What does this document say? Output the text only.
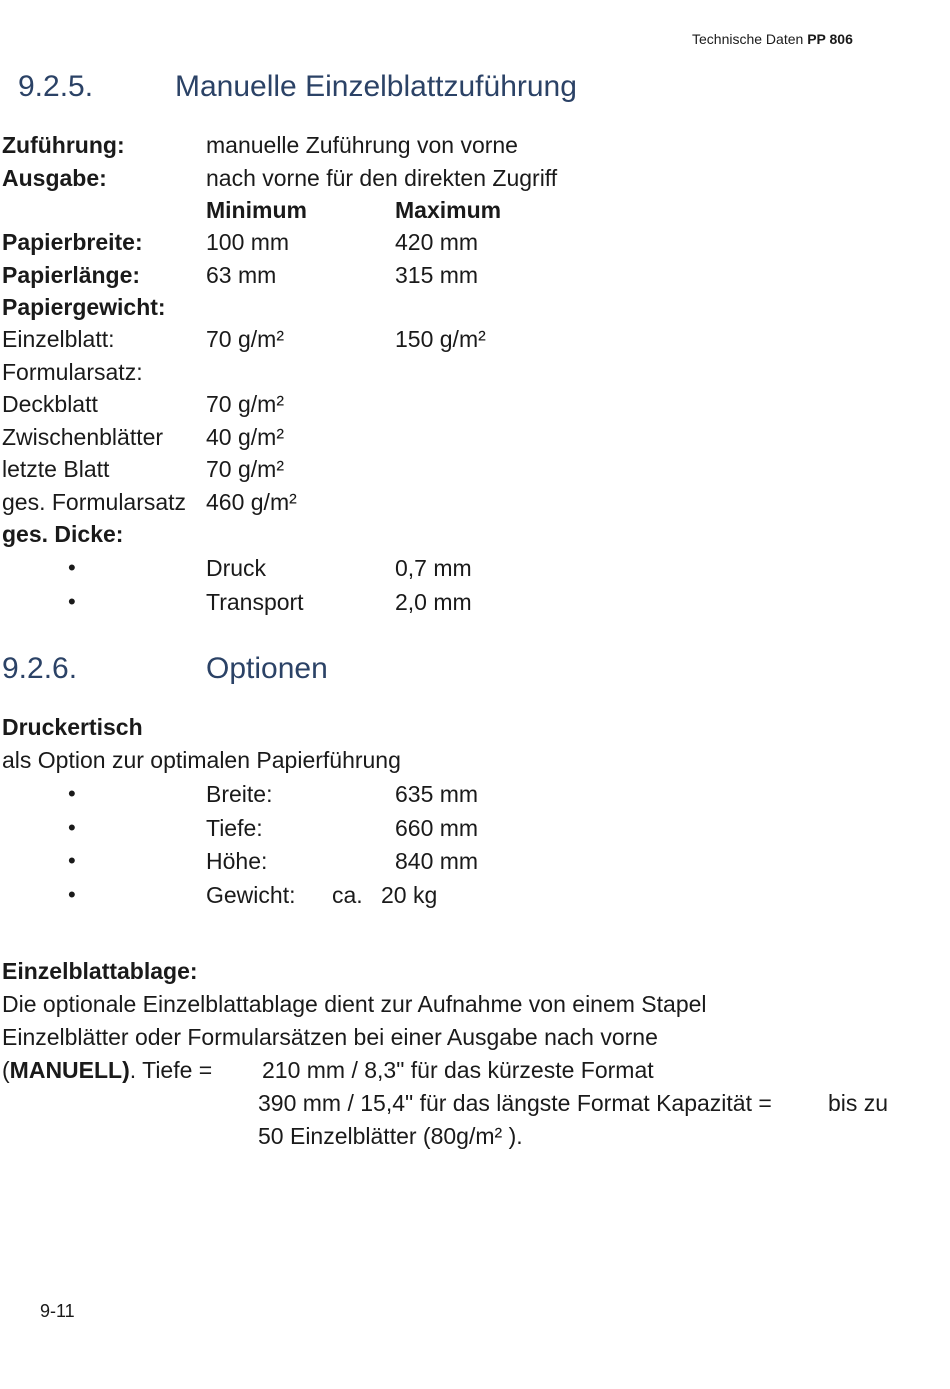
Technische Daten PP 806
9.2.5.	Manuelle Einzelblattzuführung
Zuführung:	manuelle Zuführung von vorne
Ausgabe:	nach vorne für den direkten Zugriff
Minimum	Maximum
Papierbreite:	100 mm	420 mm
Papierlänge:	63 mm	315 mm
Papiergewicht:
Einzelblatt:	70 g/m²	150 g/m²
Formularsatz:
Deckblatt	70 g/m²
Zwischenblätter 40 g/m²
letzte Blatt	70 g/m²
ges. Formularsatz 460 g/m²
ges. Dicke:
•	Druck	0,7 mm
•	Transport	2,0 mm
9.2.6.	Optionen
Druckertisch
als Option zur optimalen Papierführung
•	Breite:	635 mm
•	Tiefe:	660 mm
•	Höhe:	840 mm
•	Gewicht: ca. 20 kg
Einzelblattablage:
Die optionale Einzelblattablage dient zur Aufnahme von einem Stapel
Einzelblätter oder Formularsätzen bei einer Ausgabe nach vorne
(MANUELL). Tiefe = 210 mm / 8,3" für das kürzeste Format
390 mm / 15,4" für das längste Format Kapazität = bis zu
50 Einzelblätter (80g/m² ).
9-11
